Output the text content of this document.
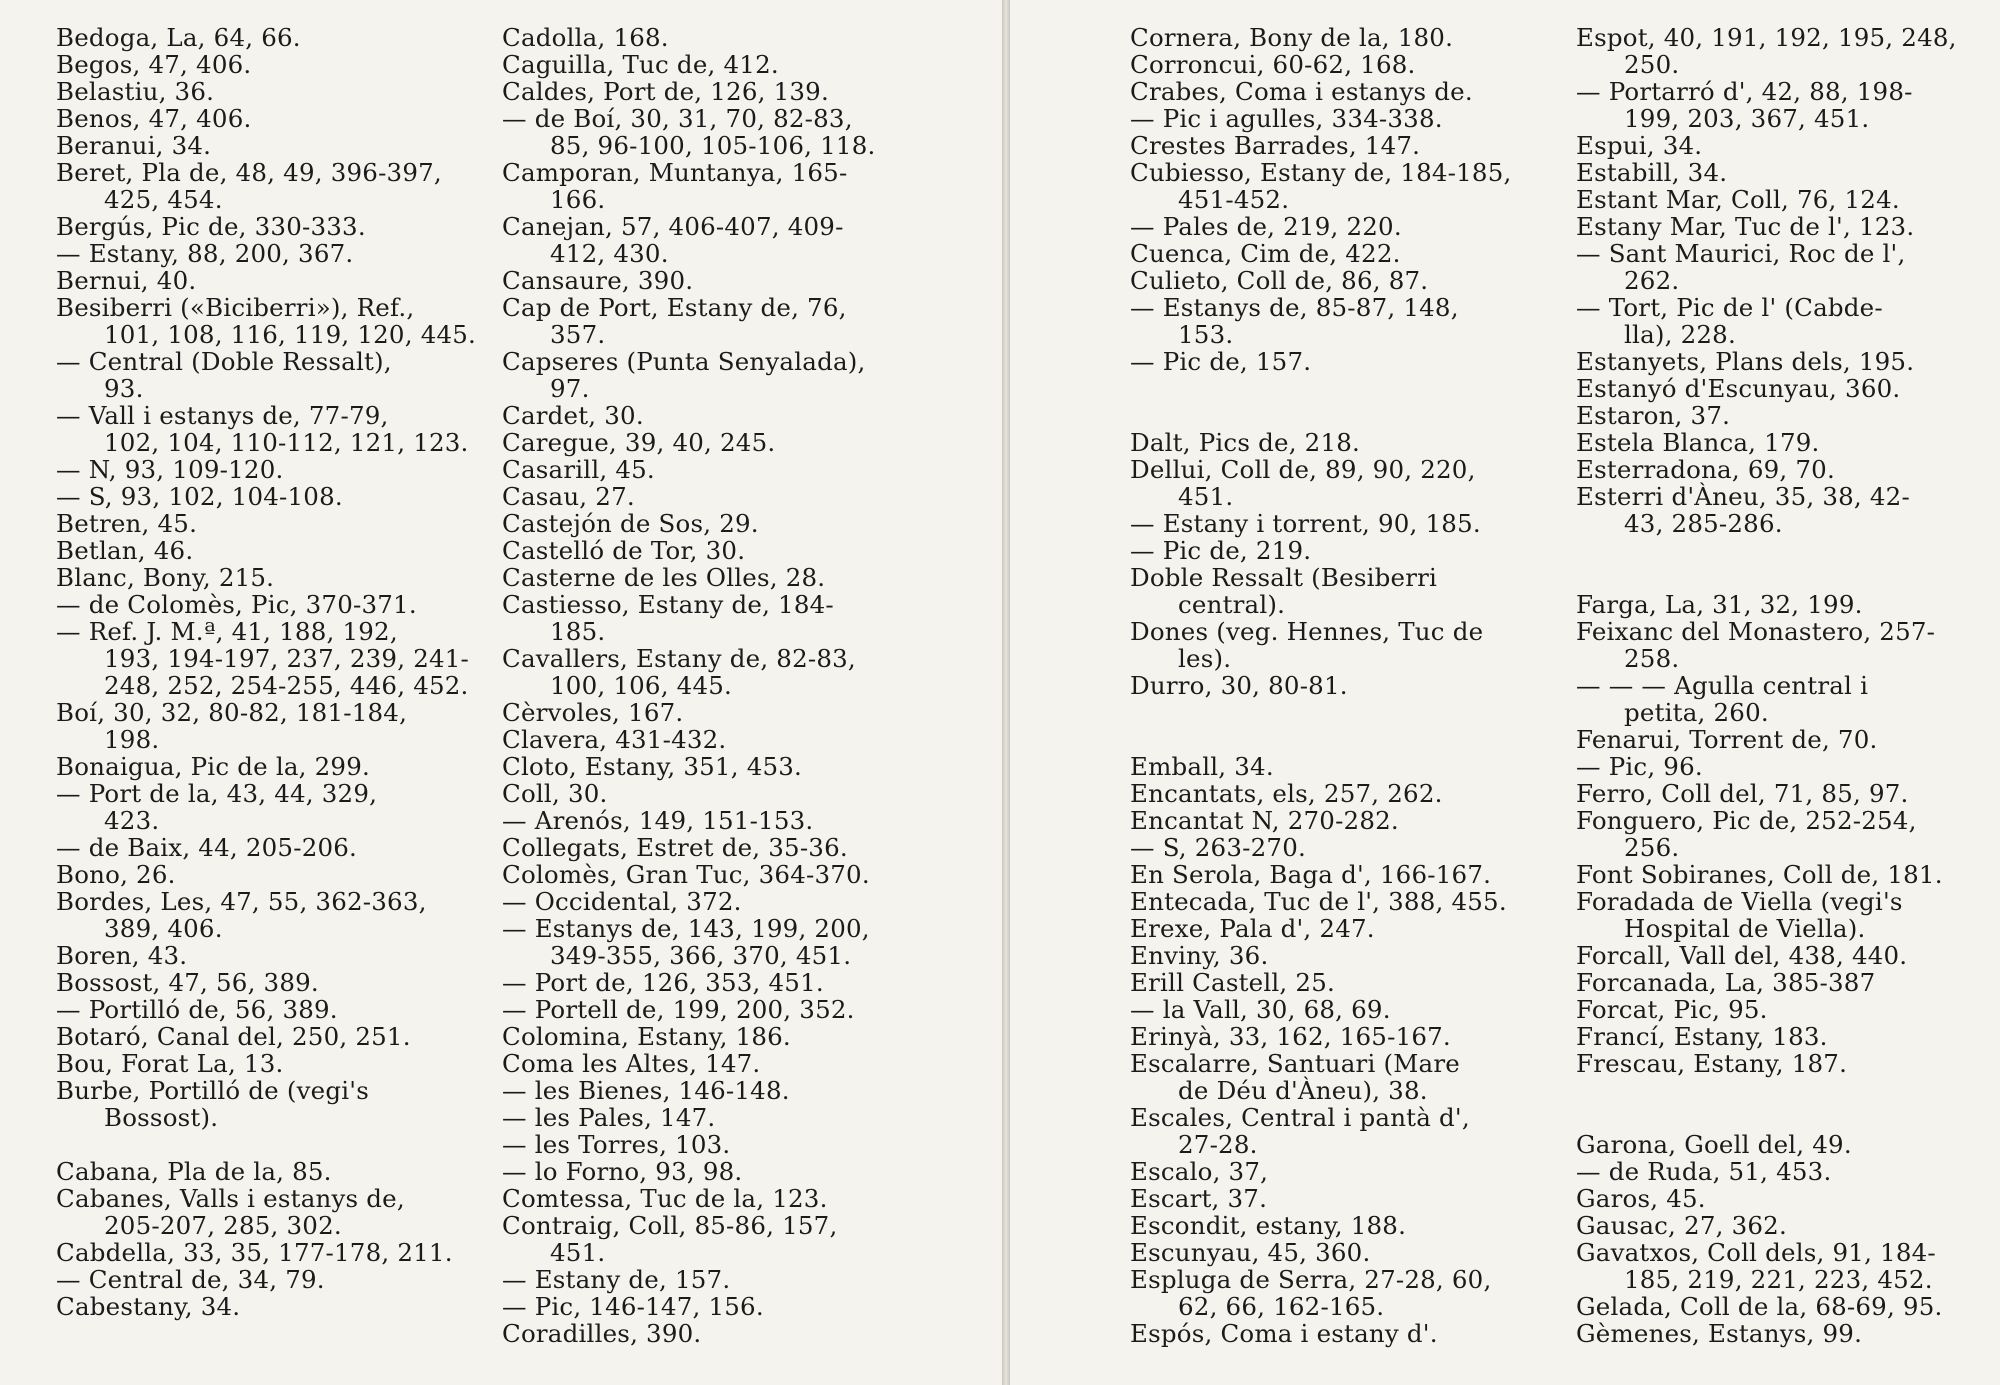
Bedoga, La, 64, 66.
Begos, 47, 406.
Belastiu, 36.
Benos, 47, 406.
Beranui, 34.
Beret, Pla de, 48, 49, 396-397,
425, 454.
Bergús, Pic de, 330-333.
— Estany, 88, 200, 367.
Bernui, 40.
Besiberri («Biciberri»), Ref.,
101, 108, 116, 119, 120, 445.
— Central (Doble Ressalt),
93.
— Vall i estanys de, 77-79,
102, 104, 110-112, 121, 123.
— N, 93, 109-120.
— S, 93, 102, 104-108.
Betren, 45.
Betlan, 46.
Blanc, Bony, 215.
— de Colomès, Pic, 370-371.
— Ref. J. M.ª, 41, 188, 192,
193, 194-197, 237, 239, 241-
248, 252, 254-255, 446, 452.
Boí, 30, 32, 80-82, 181-184,
198.
Bonaigua, Pic de la, 299.
— Port de la, 43, 44, 329,
423.
— de Baix, 44, 205-206.
Bono, 26.
Bordes, Les, 47, 55, 362-363,
389, 406.
Boren, 43.
Bossost, 47, 56, 389.
— Portilló de, 56, 389.
Botaró, Canal del, 250, 251.
Bou, Forat La, 13.
Burbe, Portilló de (vegi's
Bossost).
Cabana, Pla de la, 85.
Cabanes, Valls i estanys de,
205-207, 285, 302.
Cabdella, 33, 35, 177-178, 211.
— Central de, 34, 79.
Cabestany, 34.
Cadolla, 168.
Caguilla, Tuc de, 412.
Caldes, Port de, 126, 139.
— de Boí, 30, 31, 70, 82-83,
85, 96-100, 105-106, 118.
Camporan, Muntanya, 165-
166.
Canejan, 57, 406-407, 409-
412, 430.
Cansaure, 390.
Cap de Port, Estany de, 76,
357.
Capseres (Punta Senyalada),
97.
Cardet, 30.
Caregue, 39, 40, 245.
Casarill, 45.
Casau, 27.
Castejón de Sos, 29.
Castelló de Tor, 30.
Casterne de les Olles, 28.
Castiesso, Estany de, 184-
185.
Cavallers, Estany de, 82-83,
100, 106, 445.
Cèrvoles, 167.
Clavera, 431-432.
Cloto, Estany, 351, 453.
Coll, 30.
— Arenós, 149, 151-153.
Collegats, Estret de, 35-36.
Colomès, Gran Tuc, 364-370.
— Occidental, 372.
— Estanys de, 143, 199, 200,
349-355, 366, 370, 451.
— Port de, 126, 353, 451.
— Portell de, 199, 200, 352.
Colomina, Estany, 186.
Coma les Altes, 147.
— les Bienes, 146-148.
— les Pales, 147.
— les Torres, 103.
— lo Forno, 93, 98.
Comtessa, Tuc de la, 123.
Contraig, Coll, 85-86, 157,
451.
— Estany de, 157.
— Pic, 146-147, 156.
Coradilles, 390.
Cornera, Bony de la, 180.
Corroncui, 60-62, 168.
Crabes, Coma i estanys de.
— Pic i agulles, 334-338.
Crestes Barrades, 147.
Cubiesso, Estany de, 184-185,
451-452.
— Pales de, 219, 220.
Cuenca, Cim de, 422.
Culieto, Coll de, 86, 87.
— Estanys de, 85-87, 148,
153.
— Pic de, 157.
Dalt, Pics de, 218.
Dellui, Coll de, 89, 90, 220,
451.
— Estany i torrent, 90, 185.
— Pic de, 219.
Doble Ressalt (Besiberri
central).
Dones (veg. Hennes, Tuc de
les).
Durro, 30, 80-81.
Emball, 34.
Encantats, els, 257, 262.
Encantat N, 270-282.
— S, 263-270.
En Serola, Baga d', 166-167.
Entecada, Tuc de l', 388, 455.
Erexe, Pala d', 247.
Enviny, 36.
Erill Castell, 25.
— la Vall, 30, 68, 69.
Erinyà, 33, 162, 165-167.
Escalarre, Santuari (Mare
de Déu d'Àneu), 38.
Escales, Central i pantà d',
27-28.
Escalo, 37,
Escart, 37.
Escondit, estany, 188.
Escunyau, 45, 360.
Espluga de Serra, 27-28, 60,
62, 66, 162-165.
Espós, Coma i estany d'.
Espot, 40, 191, 192, 195, 248,
250.
— Portarró d', 42, 88, 198-
199, 203, 367, 451.
Espui, 34.
Estabill, 34.
Estant Mar, Coll, 76, 124.
Estany Mar, Tuc de l', 123.
— Sant Maurici, Roc de l',
262.
— Tort, Pic de l' (Cabde-
lla), 228.
Estanyets, Plans dels, 195.
Estanyó d'Escunyau, 360.
Estaron, 37.
Estela Blanca, 179.
Esterradona, 69, 70.
Esterri d'Àneu, 35, 38, 42-
43, 285-286.
Farga, La, 31, 32, 199.
Feixanc del Monastero, 257-
258.
— — — Agulla central i
petita, 260.
Fenarui, Torrent de, 70.
— Pic, 96.
Ferro, Coll del, 71, 85, 97.
Fonguero, Pic de, 252-254,
256.
Font Sobiranes, Coll de, 181.
Foradada de Viella (vegi's
Hospital de Viella).
Forcall, Vall del, 438, 440.
Forcanada, La, 385-387
Forcat, Pic, 95.
Francí, Estany, 183.
Frescau, Estany, 187.
Garona, Goell del, 49.
— de Ruda, 51, 453.
Garos, 45.
Gausac, 27, 362.
Gavatxos, Coll dels, 91, 184-
185, 219, 221, 223, 452.
Gelada, Coll de la, 68-69, 95.
Gèmenes, Estanys, 99.
